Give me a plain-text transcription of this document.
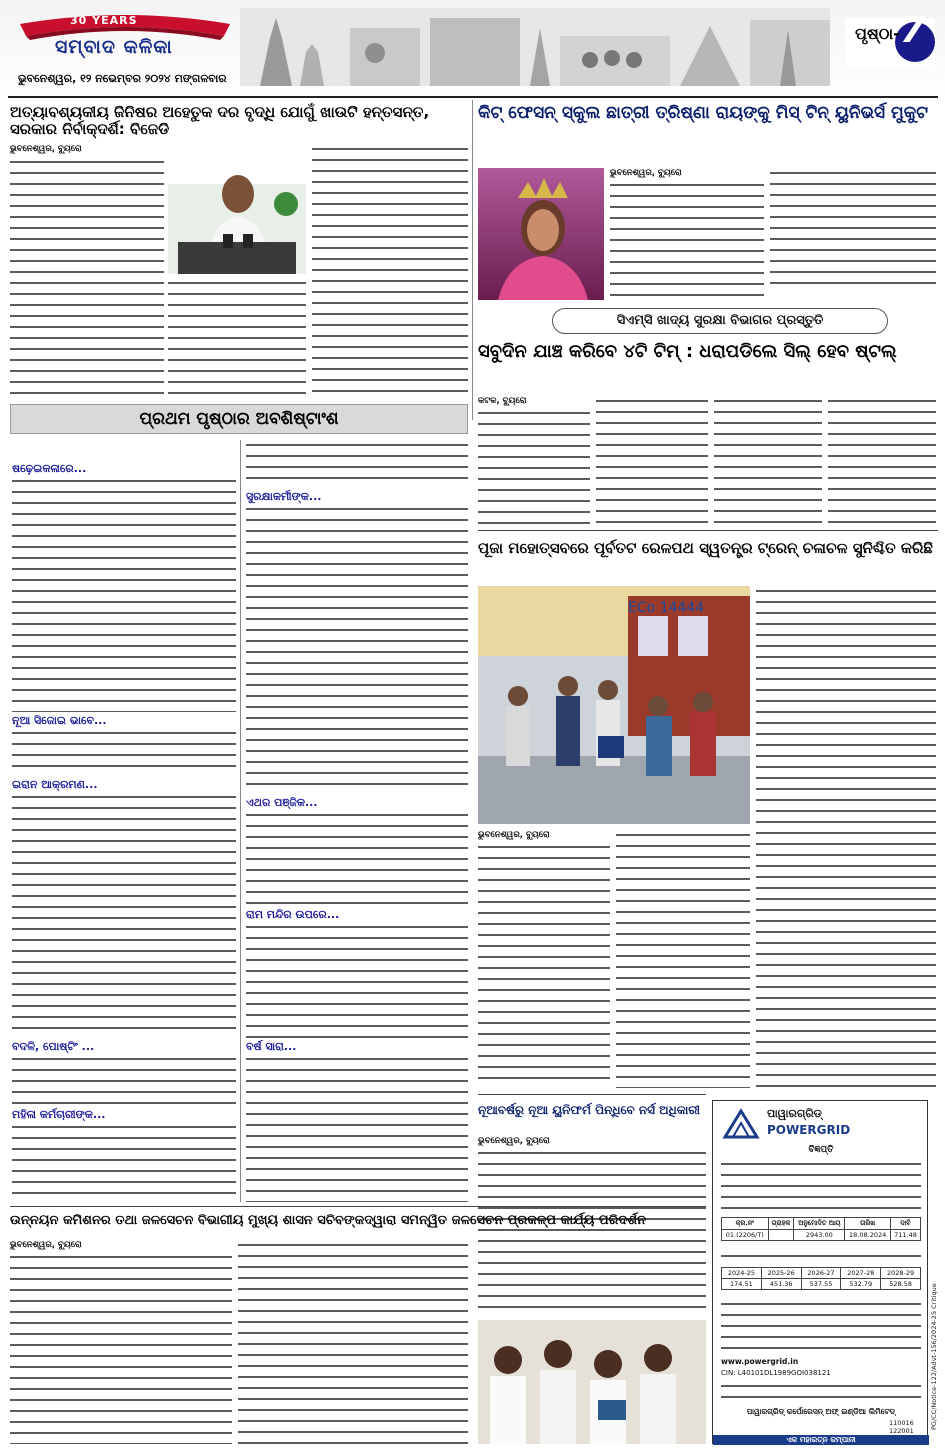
30 YEARS
ସମ୍ବାଦ କଳିକା
ଭୁବନେଶ୍ୱର, ୧୨ ନଭେମ୍ବର ୨୦୨୪ ମଙ୍ଗଳବାର
ପୃଷ୍ଠା- 7
ଅତ୍ୟାବଶ୍ୟକୀୟ ଜିନିଷର ଅହେତୁକ ଦର ବୃଦ୍ଧି ଯୋଗୁଁ ଖାଉଟି ହନ୍ତସନ୍ତ, ସରକାର ନିର୍ବାକ୍ଦର୍ଶି: ବିଜେଡି
ଭୁବନେଶ୍ୱର, ବ୍ୟୁରୋ
କିଟ୍ ଫେସନ୍ ସ୍କୁଲ ଛାତ୍ରୀ ତ୍ରିଷ୍ଣା ରାୟଙ୍କୁ ମିସ୍ ଟିନ୍ ୟୁନିଭର୍ସ ମୁକୁଟ
ଭୁବନେଶ୍ୱର, ବ୍ୟୁରୋ
ସିଏମ୍‌ସି ଖାଦ୍ୟ ସୁରକ୍ଷା ବିଭାଗର ପ୍ରସ୍ତୁତି
ସବୁଦିନ ଯାଞ୍ଚ କରିବେ ୪ଟି ଟିମ୍ : ଧରାପଡିଲେ ସିଲ୍ ହେବ ଷ୍ଟଲ୍
କଟକ, ବ୍ୟୁରୋ
ପ୍ରଥମ ପୃଷ୍ଠାର ଅବଶିଷ୍ଟାଂଶ
ଷଢ଼େଇକଳାରେ...
ନୂଆ ସିଜୋଇ ଭାବେ...
ଇରାନ ଆକ୍ରମଣ...
ବଦଳି, ପୋଷ୍ଟିଂ ...
ମହିଳା କର୍ମଚାରୀଙ୍କ...
ସୁରକ୍ଷାକର୍ମୀଙ୍କ...
ଏଥର ପଞ୍ଜିକ...
ରାମ ମନ୍ଦିର ଉପରେ...
ବର୍ଷ ସାରା...
ପୂଜା ମହୋତ୍ସବରେ ପୂର୍ବତଟ ରେଳପଥ ସ୍ୱତନ୍ତ୍ର ଟ୍ରେନ୍ ଚଳାଚଳ ସୁନିଶ୍ଚିତ କରିଛି
ECo 14444
ଭୁବନେଶ୍ୱର, ବ୍ୟୁରୋ
ନୂଆବର୍ଷରୁ ନୂଆ ୟୁନିଫର୍ମ ପିନ୍ଧିବେ ନର୍ସ ଅଧିକାରୀ
ଭୁବନେଶ୍ୱର, ବ୍ୟୁରୋ
ଉନ୍ନୟନ କମିଶନର ତଥା ଜଳସେଚନ ବିଭାଗୀୟ ମୁଖ୍ୟ ଶାସନ ସଚିବଙ୍କଦ୍ୱାରା ସମନ୍ୱିତ ଜଳସେଚନ ପ୍ରକଳ୍ପ କାର୍ଯ୍ୟ ପରିଦର୍ଶନ
ଭୁବନେଶ୍ୱର, ବ୍ୟୁରୋ
ପାୱାରଗ୍ରିଡ୍
POWERGRID
ବିଜ୍ଞପ୍ତି
କ୍ର.ନଂ	ଗ୍ରାହକ	ଅନୁମୋଦିତ ଆୟ	ତାରିଖ	ଦାବି
01 (2206/T)		2943.00	18.08.2024	711.48
2024-25	2025-26	2026-27	2027-28	2028-29
174.51	451.36	537.55	532.79	528.58
www.powergrid.in
CIN: L40101DL1989GOI038121
ପାୱାରଗ୍ରିଡ୍ କର୍ପୋରେସନ୍ ଅଫ୍ ଇଣ୍ଡିଆ ଲିମିଟେଡ୍
110016
122001
ଏକ ମହାରତ୍ନ କମ୍ପାନୀ
PG/CC/Notice-122/Advt-156/2024-25 Critique
